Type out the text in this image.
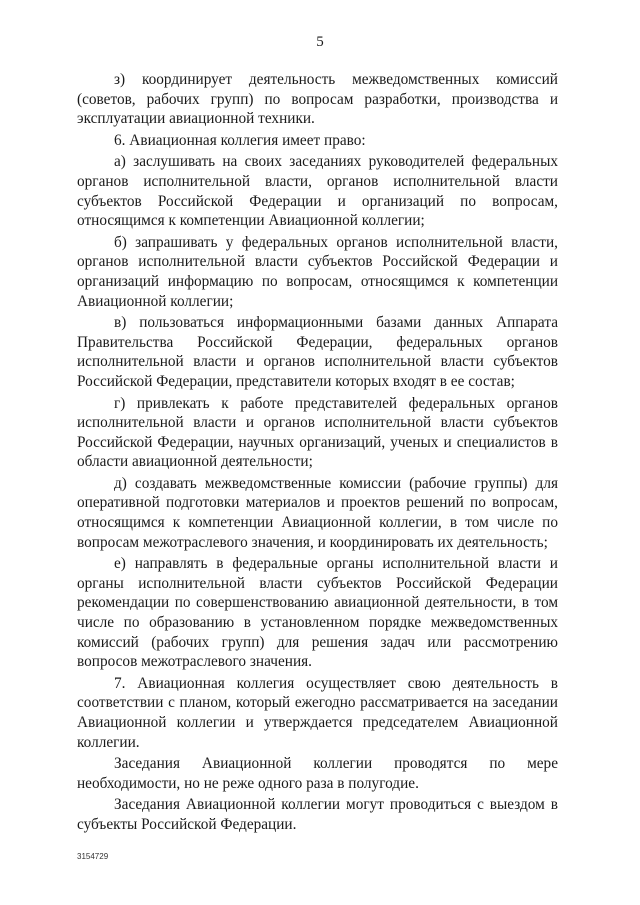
5

з) координирует деятельность межведомственных комиссий (советов, рабочих групп) по вопросам разработки, производства и эксплуатации авиационной техники.

6. Авиационная коллегия имеет право:

а) заслушивать на своих заседаниях руководителей федеральных органов исполнительной власти, органов исполнительной власти субъектов Российской Федерации и организаций по вопросам, относящимся к компетенции Авиационной коллегии;

б) запрашивать у федеральных органов исполнительной власти, органов исполнительной власти субъектов Российской Федерации и организаций информацию по вопросам, относящимся к компетенции Авиационной коллегии;

в) пользоваться информационными базами данных Аппарата Правительства Российской Федерации, федеральных органов исполнительной власти и органов исполнительной власти субъектов Российской Федерации, представители которых входят в ее состав;

г) привлекать к работе представителей федеральных органов исполнительной власти и органов исполнительной власти субъектов Российской Федерации, научных организаций, ученых и специалистов в области авиационной деятельности;

д) создавать межведомственные комиссии (рабочие группы) для оперативной подготовки материалов и проектов решений по вопросам, относящимся к компетенции Авиационной коллегии, в том числе по вопросам межотраслевого значения, и координировать их деятельность;

е) направлять в федеральные органы исполнительной власти и органы исполнительной власти субъектов Российской Федерации рекомендации по совершенствованию авиационной деятельности, в том числе по образованию в установленном порядке межведомственных комиссий (рабочих групп) для решения задач или рассмотрению вопросов межотраслевого значения.

7. Авиационная коллегия осуществляет свою деятельность в соответствии с планом, который ежегодно рассматривается на заседании Авиационной коллегии и утверждается председателем Авиационной коллегии.

Заседания Авиационной коллегии проводятся по мере необходимости, но не реже одного раза в полугодие.

Заседания Авиационной коллегии могут проводиться с выездом в субъекты Российской Федерации.

3154729
